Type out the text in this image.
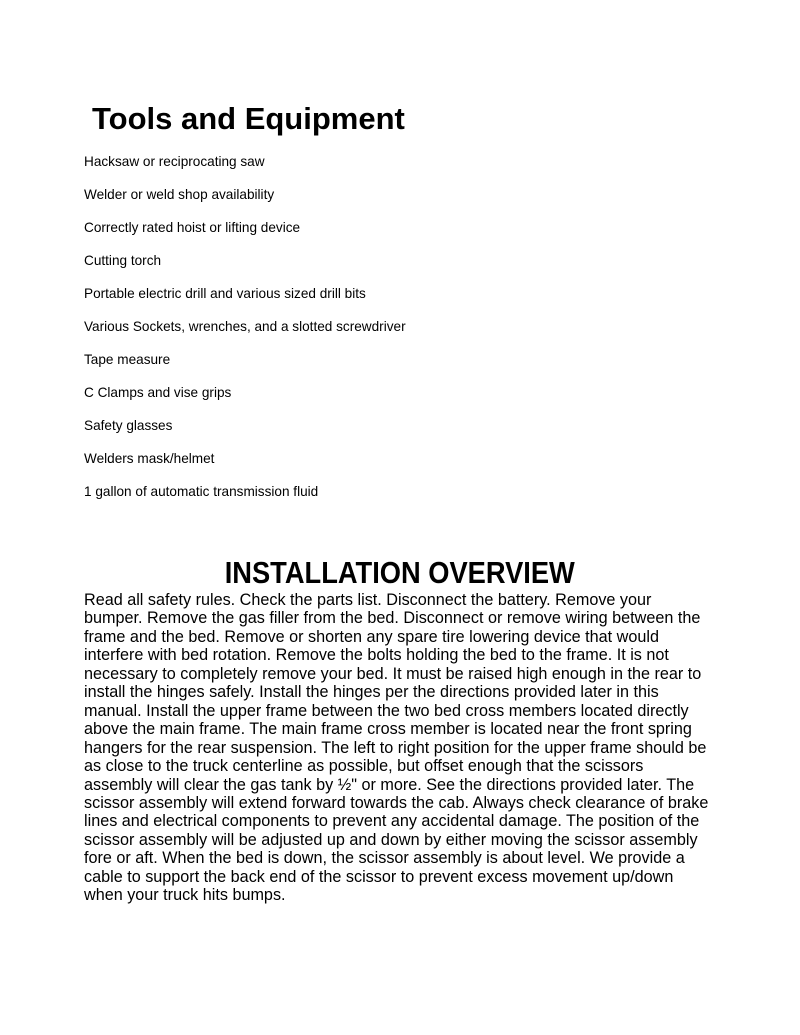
Tools and Equipment
Hacksaw or reciprocating saw
Welder or weld shop availability
Correctly rated hoist or lifting device
Cutting torch
Portable electric drill and various sized drill bits
Various Sockets, wrenches, and a slotted screwdriver
Tape measure
C Clamps and vise grips
Safety glasses
Welders mask/helmet
1 gallon of automatic transmission fluid
INSTALLATION OVERVIEW

Read all safety rules. Check the parts list. Disconnect the battery. Remove your bumper. Remove the gas filler from the bed. Disconnect or remove wiring between the frame and the bed. Remove or shorten any spare tire lowering device that would interfere with bed rotation. Remove the bolts holding the bed to the frame. It is not necessary to completely remove your bed. It must be raised high enough in the rear to install the hinges safely. Install the hinges per the directions provided later in this manual. Install the upper frame between the two bed cross members located directly above the main frame. The main frame cross member is located near the front spring hangers for the rear suspension. The left to right position for the upper frame should be as close to the truck centerline as possible, but offset enough that the scissors assembly will clear the gas tank by ½" or more. See the directions provided later. The scissor assembly will extend forward towards the cab. Always check clearance of brake lines and electrical components to prevent any accidental damage. The position of the scissor assembly will be adjusted up and down by either moving the scissor assembly fore or aft. When the bed is down, the scissor assembly is about level. We provide a cable to support the back end of the scissor to prevent excess movement up/down when your truck hits bumps.
